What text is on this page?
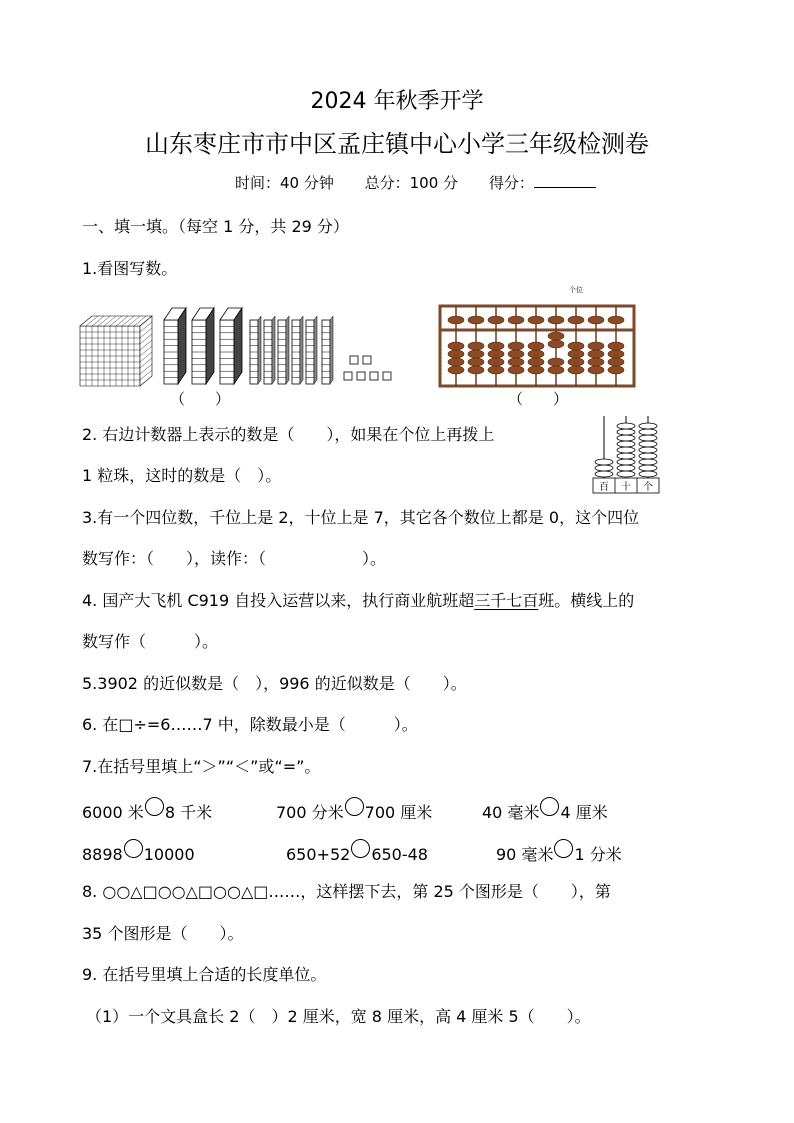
2024 年秋季开学
山东枣庄市市中区孟庄镇中心小学三年级检测卷
时间：40 分钟 总分：100 分 得分：
一、填一填。（每空 1 分，共 29 分）
1.看图写数。
（　　）
个位
（　　）
2. 右边计数器上表示的数是（　　），如果在个位上再拨上
1 粒珠，这时的数是（　）。
百 十 个
3.有一个四位数，千位上是 2，十位上是 7，其它各个数位上都是 0，这个四位
数写作：（　　），读作：（　　　　　　）。
4. 国产大飞机 C919 自投入运营以来，执行商业航班超三千七百班。横线上的
数写作（　　　）。
5.3902 的近似数是（　），996 的近似数是（　　）。
6. 在□÷=6……7 中，除数最小是（　　　）。
7.在括号里填上“＞”“＜”或“=”。
6000 米 8 千米	700 分米 700 厘米	40 毫米 4 厘米
8898 10000	650+52 650-48	90 毫米 1 分米
8. ○○△□○○△□○○△□……，这样摆下去，第 25 个图形是（　　），第
35 个图形是（　　）。
9. 在括号里填上合适的长度单位。
（1）一个文具盒长 2（　）2 厘米，宽 8 厘米，高 4 厘米 5（　　）。
